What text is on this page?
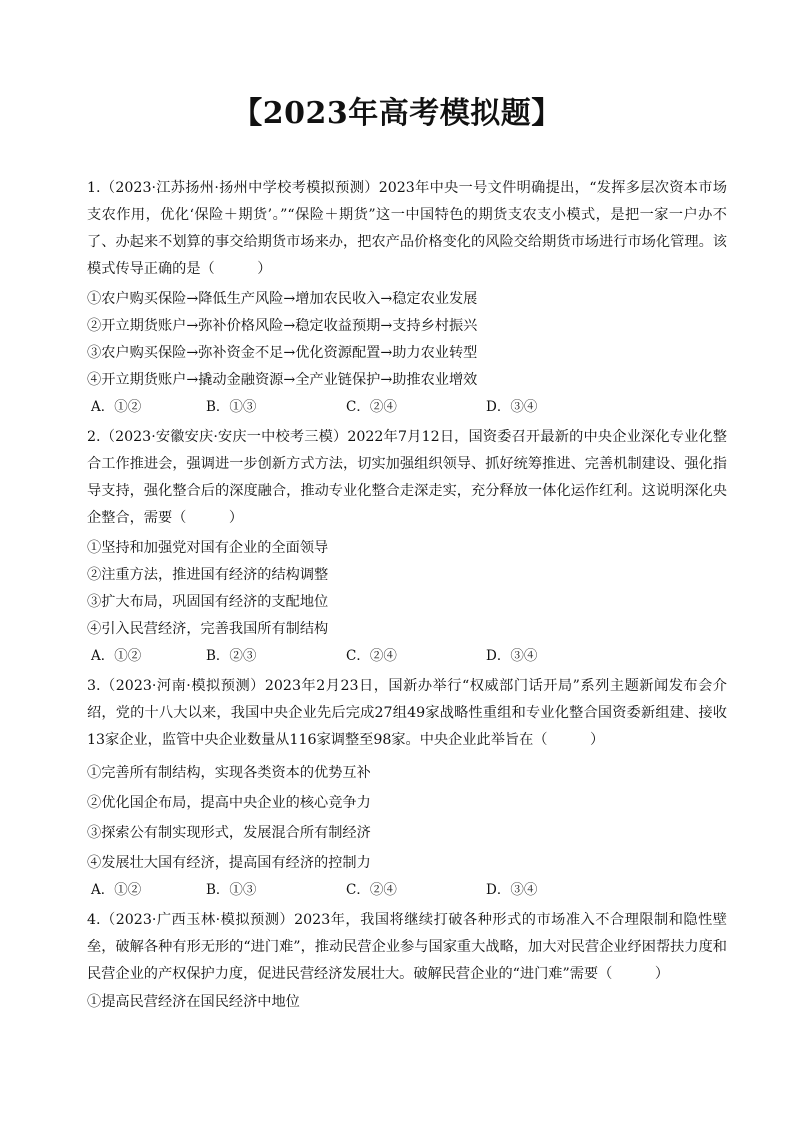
【2023年高考模拟题】
1.（2023·江苏扬州·扬州中学校考模拟预测）2023年中央一号文件明确提出，“发挥多层次资本市场支农作用，优化‘保险＋期货’。”“保险＋期货”这一中国特色的期货支农支小模式，是把一家一户办不了、办起来不划算的事交给期货市场来办，把农产品价格变化的风险交给期货市场进行市场化管理。该模式传导正确的是（　　　）
①农户购买保险→降低生产风险→增加农民收入→稳定农业发展
②开立期货账户→弥补价格风险→稳定收益预期→支持乡村振兴
③农户购买保险→弥补资金不足→优化资源配置→助力农业转型
④开立期货账户→撬动金融资源→全产业链保护→助推农业增效
A．①②	B．①③	C．②④	D．③④
2.（2023·安徽安庆·安庆一中校考三模）2022年7月12日，国资委召开最新的中央企业深化专业化整合工作推进会，强调进一步创新方式方法，切实加强组织领导、抓好统筹推进、完善机制建设、强化指导支持，强化整合后的深度融合，推动专业化整合走深走实，充分释放一体化运作红利。这说明深化央企整合，需要（　　　）
①坚持和加强党对国有企业的全面领导
②注重方法，推进国有经济的结构调整
③扩大布局，巩固国有经济的支配地位
④引入民营经济，完善我国所有制结构
A．①②	B．②③	C．②④	D．③④
3.（2023·河南·模拟预测）2023年2月23日，国新办举行“权威部门话开局”系列主题新闻发布会介绍，党的十八大以来，我国中央企业先后完成27组49家战略性重组和专业化整合国资委新组建、接收13家企业，监管中央企业数量从116家调整至98家。中央企业此举旨在（　　　）
①完善所有制结构，实现各类资本的优势互补
②优化国企布局，提高中央企业的核心竞争力
③探索公有制实现形式，发展混合所有制经济
④发展壮大国有经济，提高国有经济的控制力
A．①②	B．①③	C．②④	D．③④
4.（2023·广西玉林·模拟预测）2023年，我国将继续打破各种形式的市场准入不合理限制和隐性壁垒，破解各种有形无形的“进门难”，推动民营企业参与国家重大战略，加大对民营企业纾困帮扶力度和民营企业的产权保护力度，促进民营经济发展壮大。破解民营企业的“进门难”需要（　　　）
①提高民营经济在国民经济中地位
